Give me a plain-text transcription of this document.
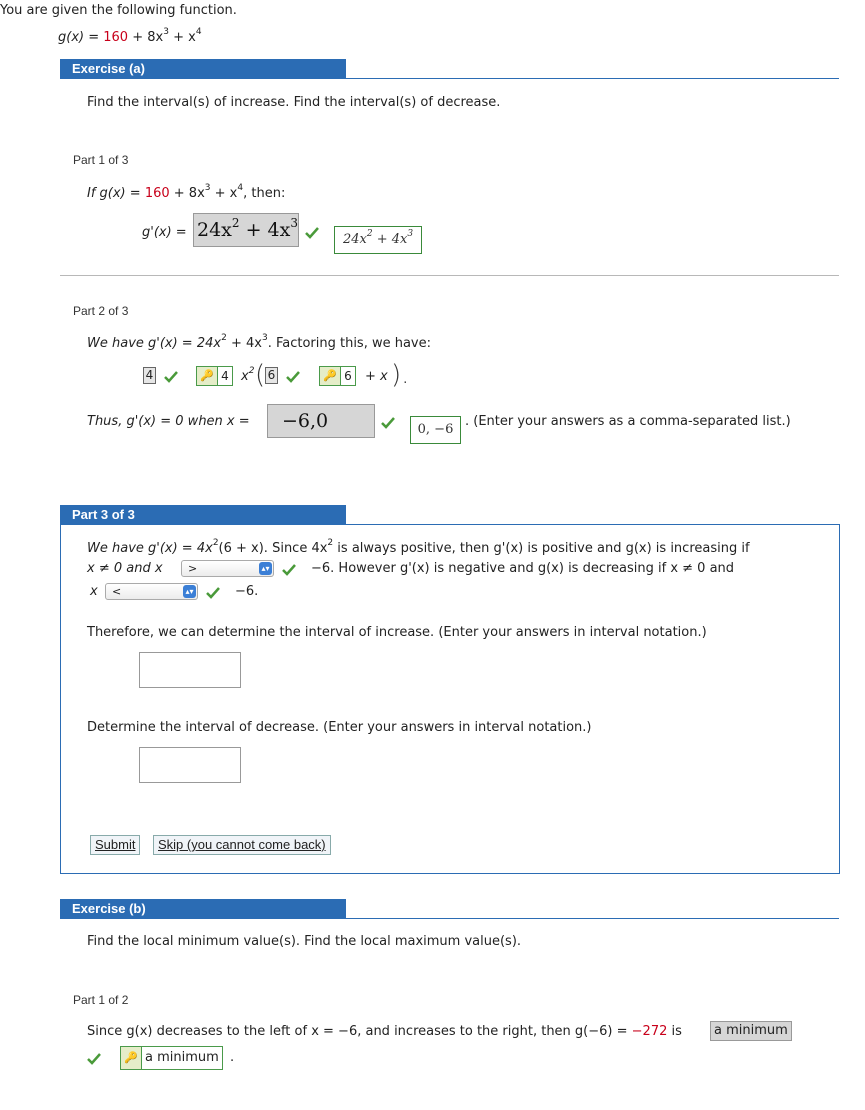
You are given the following function.
$g(x) = 160 + 8x^3 + x^4$
Exercise (a)
Find the interval(s) of increase. Find the interval(s) of decrease.
Part 1 of 3
If $g(x) = 160 + 8x^3 + x^4$, then:
$g'(x) = 24x^2 + 4x^3$
$24x^2 + 4x^3$
Part 2 of 3
We have $g'(x) = 24x^2 + 4x^3$. Factoring this, we have:
4	🔑 4 $x^2$ ( 6	🔑 6	+ x ).
Thus, g'(x) = 0 when x =	−6,0	0, −6
. (Enter your answers as a comma-separated list.)
Part 3 of 3
We have $g'(x) = 4x^2(6 + x)$. Since $4x^2$ is always positive, then g'(x) is positive and g(x) is increasing if
x ≠ 0 and x	>	▴▾	−6. However g'(x) is negative and g(x) is decreasing if x ≠ 0 and
x	<	▴▾	−6.
Therefore, we can determine the interval of increase. (Enter your answers in interval notation.)
Determine the interval of decrease. (Enter your answers in interval notation.)
Submit	Skip (you cannot come back)
Exercise (b)
Find the local minimum value(s). Find the local maximum value(s).
Part 1 of 2
Since g(x) decreases to the left of x = −6, and increases to the right, then g(−6) = −272 is	a minimum
🔑 a minimum .
